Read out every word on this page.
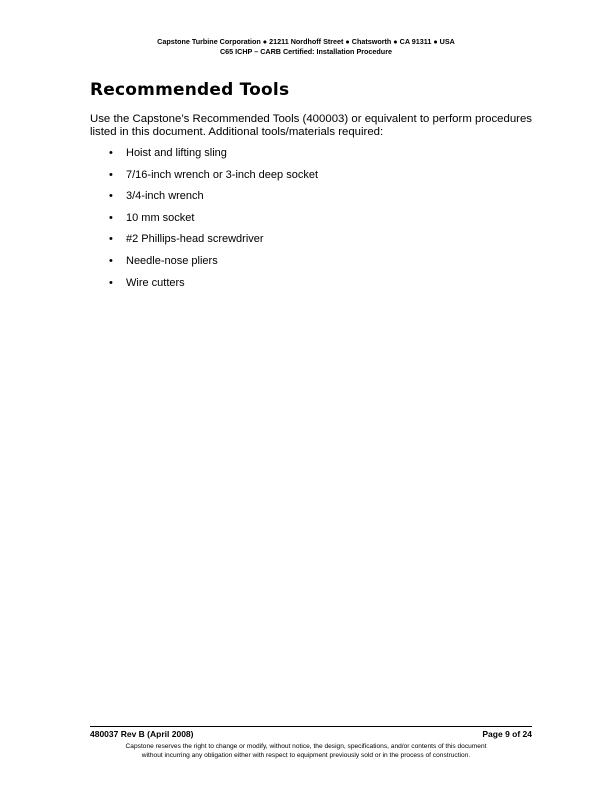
Capstone Turbine Corporation ● 21211 Nordhoff Street ● Chatsworth ● CA 91311 ● USA
C65 ICHP – CARB Certified: Installation Procedure
Recommended Tools

Use the Capstone’s Recommended Tools (400003) or equivalent to perform procedures listed in this document. Additional tools/materials required:

• Hoist and lifting sling
• 7/16-inch wrench or 3-inch deep socket
• 3/4-inch wrench
• 10 mm socket
• #2 Phillips-head screwdriver
• Needle-nose pliers
• Wire cutters
480037 Rev B (April 2008)	Page 9 of 24
Capstone reserves the right to change or modify, without notice, the design, specifications, and/or contents of this document
without incurring any obligation either with respect to equipment previously sold or in the process of construction.
